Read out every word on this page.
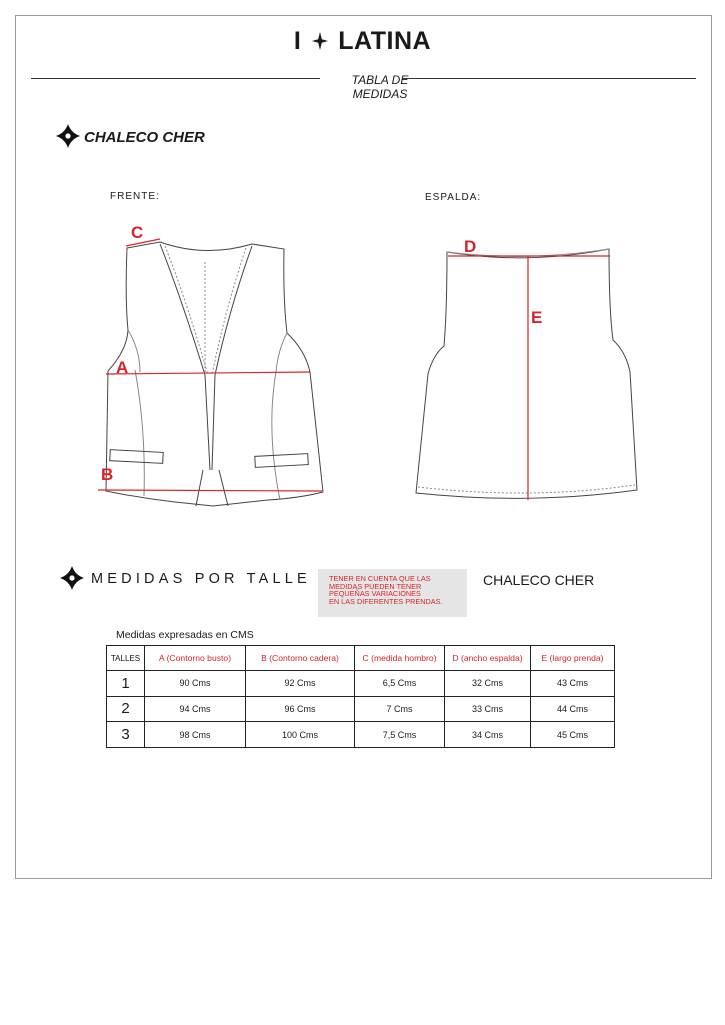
I LATINA
TABLA DE
MEDIDAS
CHALECO CHER
FRENTE:	ESPALDA:
C
A
B
D
E
MEDIDAS POR TALLE TENER EN CUENTA QUE LAS
MEDIDAS PUEDEN TENER
PEQUEÑAS VARIACIONES
EN LAS DIFERENTES PRENDAS.
CHALECO CHER
Medidas expresadas en CMS
TALLES	A (Contorno busto)	B (Contorno cadera)	C (medida hombro)	D (ancho espalda)	E (largo prenda)
1	90 Cms	92 Cms	6,5 Cms	32 Cms	43 Cms
2	94 Cms	96 Cms	7 Cms	33 Cms	44 Cms
3	98 Cms	100 Cms	7,5 Cms	34 Cms	45 Cms
